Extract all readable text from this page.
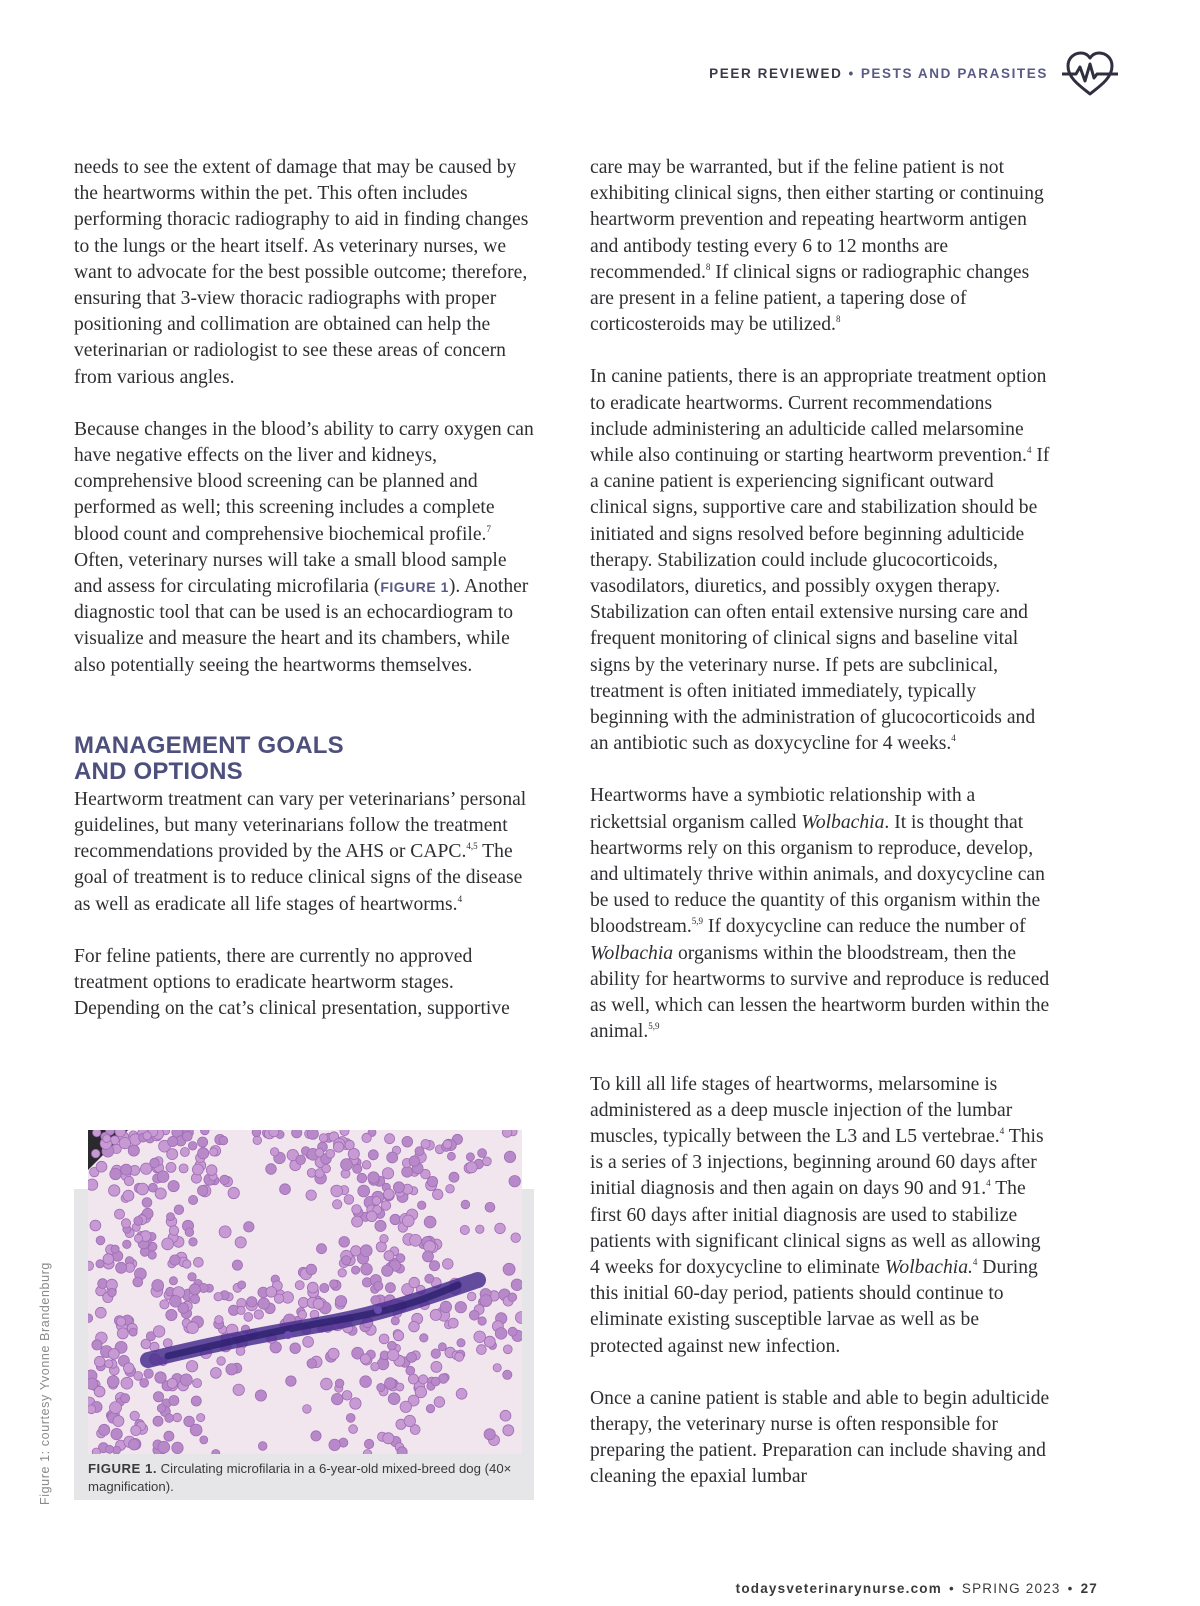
PEER REVIEWED • PESTS AND PARASITES

needs to see the extent of damage that may be caused by the heartworms within the pet. This often includes performing thoracic radiography to aid in finding changes to the lungs or the heart itself. As veterinary nurses, we want to advocate for the best possible outcome; therefore, ensuring that 3-view thoracic radiographs with proper positioning and collimation are obtained can help the veterinarian or radiologist to see these areas of concern from various angles.

Because changes in the blood’s ability to carry oxygen can have negative effects on the liver and kidneys, comprehensive blood screening can be planned and performed as well; this screening includes a complete blood count and comprehensive biochemical profile.$^7$ Often, veterinary nurses will take a small blood sample and assess for circulating microfilaria (FIGURE 1). Another diagnostic tool that can be used is an echocardiogram to visualize and measure the heart and its chambers, while also potentially seeing the heartworms themselves.

MANAGEMENT GOALS
AND OPTIONS

Heartworm treatment can vary per veterinarians’ personal guidelines, but many veterinarians follow the treatment recommendations provided by the AHS or CAPC.$^{4,5}$ The goal of treatment is to reduce clinical signs of the disease as well as eradicate all life stages of heartworms.$^4$

For feline patients, there are currently no approved treatment options to eradicate heartworm stages. Depending on the cat’s clinical presentation, supportive

care may be warranted, but if the feline patient is not exhibiting clinical signs, then either starting or continuing heartworm prevention and repeating heartworm antigen and antibody testing every 6 to 12 months are recommended.$^8$ If clinical signs or radiographic changes are present in a feline patient, a tapering dose of corticosteroids may be utilized.$^8$

In canine patients, there is an appropriate treatment option to eradicate heartworms. Current recommendations include administering an adulticide called melarsomine while also continuing or starting heartworm prevention.$^4$ If a canine patient is experiencing significant outward clinical signs, supportive care and stabilization should be initiated and signs resolved before beginning adulticide therapy. Stabilization could include glucocorticoids, vasodilators, diuretics, and possibly oxygen therapy. Stabilization can often entail extensive nursing care and frequent monitoring of clinical signs and baseline vital signs by the veterinary nurse. If pets are subclinical, treatment is often initiated immediately, typically beginning with the administration of glucocorticoids and an antibiotic such as doxycycline for 4 weeks.$^4$

Heartworms have a symbiotic relationship with a rickettsial organism called Wolbachia. It is thought that heartworms rely on this organism to reproduce, develop, and ultimately thrive within animals, and doxycycline can be used to reduce the quantity of this organism within the bloodstream.$^{5,9}$ If doxycycline can reduce the number of Wolbachia organisms within the bloodstream, then the ability for heartworms to survive and reproduce is reduced as well, which can lessen the heartworm burden within the animal.$^{5,9}$

To kill all life stages of heartworms, melarsomine is administered as a deep muscle injection of the lumbar muscles, typically between the L3 and L5 vertebrae.$^4$ This is a series of 3 injections, beginning around 60 days after initial diagnosis and then again on days 90 and 91.$^4$ The first 60 days after initial diagnosis are used to stabilize patients with significant clinical signs as well as allowing 4 weeks for doxycycline to eliminate Wolbachia.$^4$ During this initial 60-day period, patients should continue to eliminate existing susceptible larvae as well as be protected against new infection.

Once a canine patient is stable and able to begin adulticide therapy, the veterinary nurse is often responsible for preparing the patient. Preparation can include shaving and cleaning the epaxial lumbar

FIGURE 1. Circulating microfilaria in a 6-year-old mixed-breed dog (40× magnification).
Figure 1: courtesy Yvonne Brandenburg
todaysveterinarynurse.com • SPRING 2023 • 27
